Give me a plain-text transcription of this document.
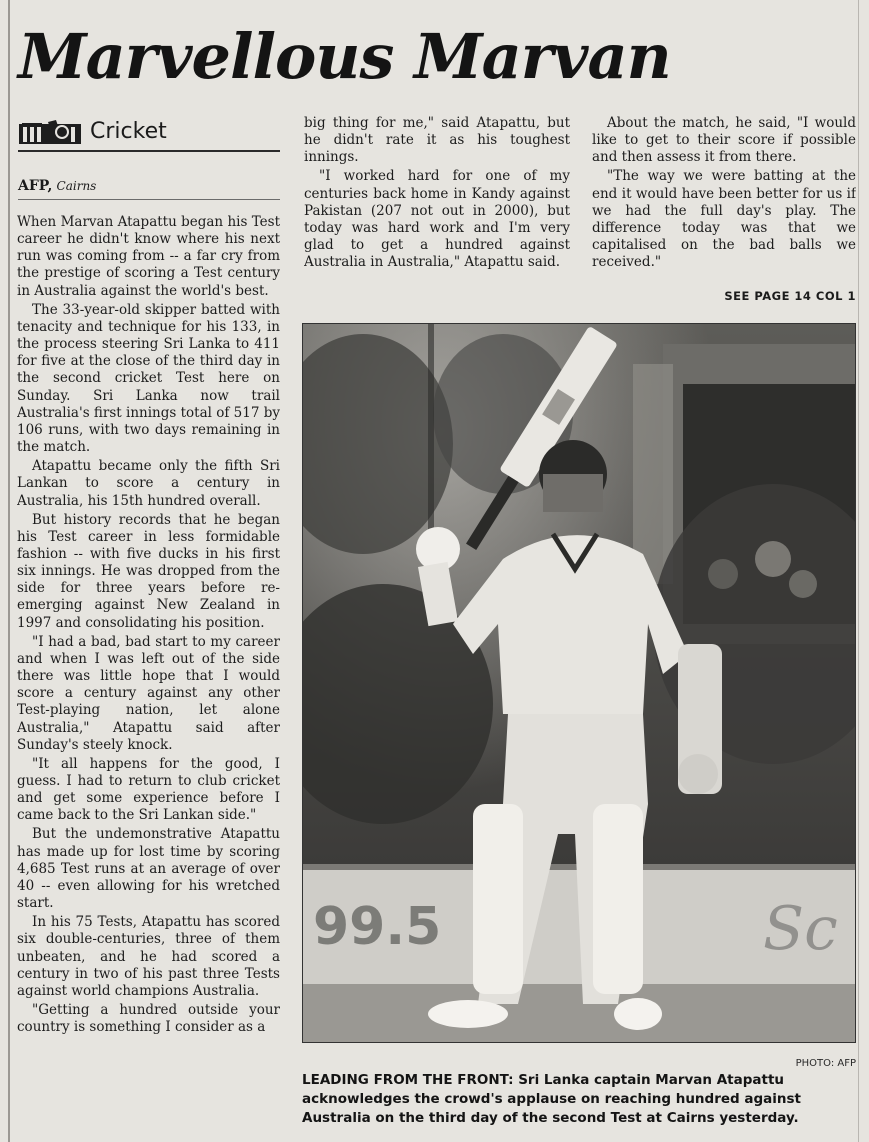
Marvellous Marvan
Cricket
AFP, Cairns

When Marvan Atapattu began his Test career he didn't know where his next run was coming from -- a far cry from the prestige of scoring a Test century in Australia against the world's best.

The 33-year-old skipper batted with tenacity and technique for his 133, in the process steering Sri Lanka to 411 for five at the close of the third day in the second cricket Test here on Sunday. Sri Lanka now trail Australia's first innings total of 517 by 106 runs, with two days remaining in the match.

Atapattu became only the fifth Sri Lankan to score a century in Australia, his 15th hundred overall.

But history records that he began his Test career in less formidable fashion -- with five ducks in his first six innings. He was dropped from the side for three years before re-emerging against New Zealand in 1997 and consolidating his position.

"I had a bad, bad start to my career and when I was left out of the side there was little hope that I would score a century against any other Test-playing nation, let alone Australia," Atapattu said after Sunday's steely knock.

"It all happens for the good, I guess. I had to return to club cricket and get some experience before I came back to the Sri Lankan side."

But the undemonstrative Atapattu has made up for lost time by scoring 4,685 Test runs at an average of over 40 -- even allowing for his wretched start.

In his 75 Tests, Atapattu has scored six double-centuries, three of them unbeaten, and he had scored a century in two of his past three Tests against world champions Australia.

"Getting a hundred outside your country is something I consider as a

big thing for me," said Atapattu, but he didn't rate it as his toughest innings.

"I worked hard for one of my centuries back home in Kandy against Pakistan (207 not out in 2000), but today was hard work and I'm very glad to get a hundred against Australia in Australia," Atapattu said.

About the match, he said, "I would like to get to their score if possible and then assess it from there.

"The way we were batting at the end it would have been better for us if we had the full day's play. The difference today was that we capitalised on the bad balls we received."

SEE PAGE 14 COL 1
99.5	Sc
PHOTO: AFP
LEADING FROM THE FRONT: Sri Lanka captain Marvan Atapattu acknowledges the crowd's applause on reaching hundred against Australia on the third day of the second Test at Cairns yesterday.
